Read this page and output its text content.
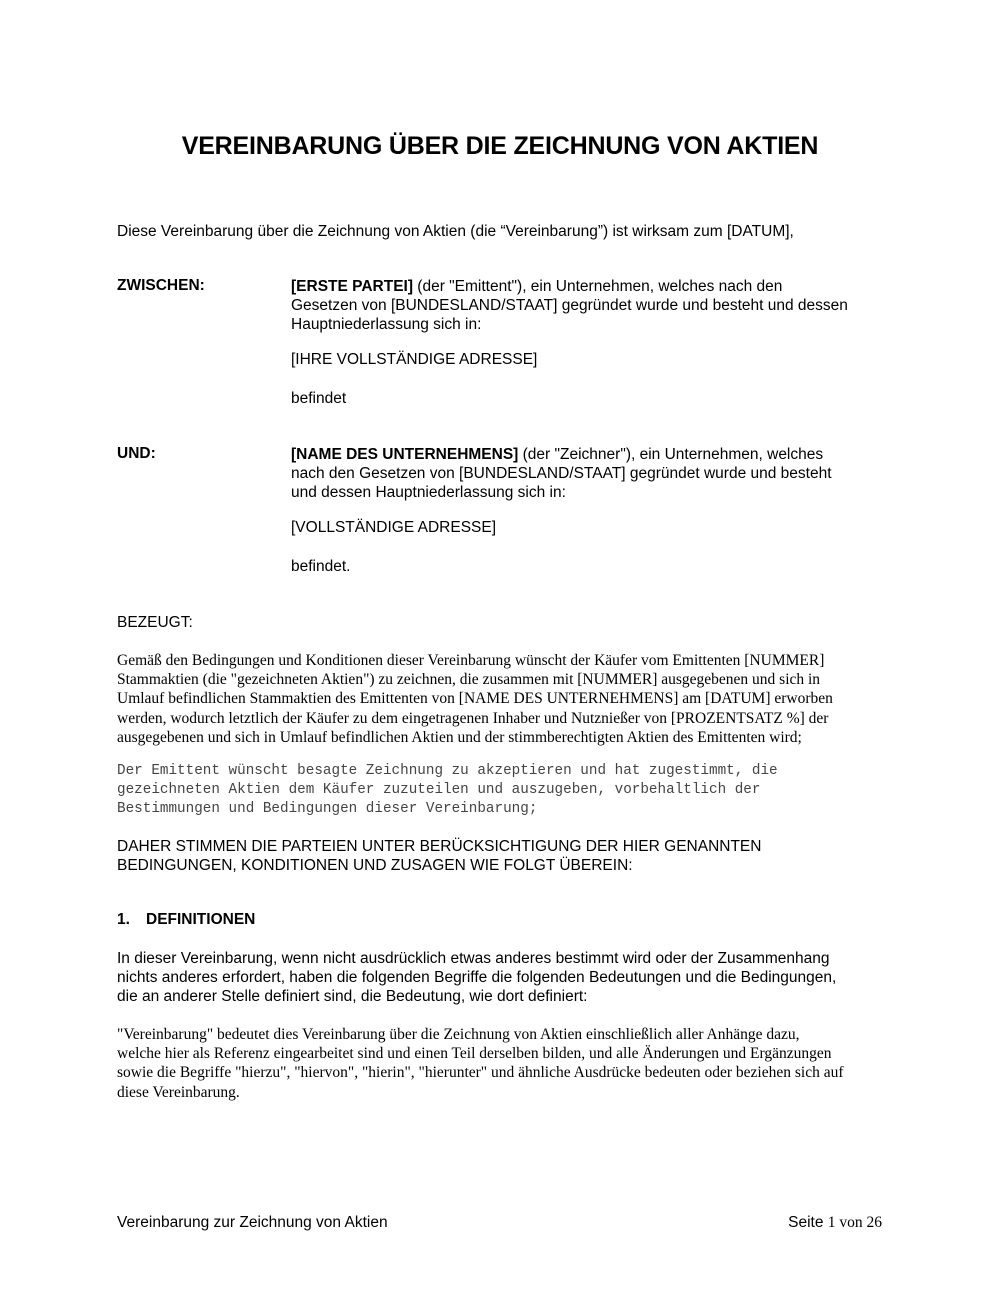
VEREINBARUNG ÜBER DIE ZEICHNUNG VON AKTIEN
Diese Vereinbarung über die Zeichnung von Aktien (die “Vereinbarung”) ist wirksam zum [DATUM],
ZWISCHEN:	[ERSTE PARTEI] (der "Emittent"), ein Unternehmen, welches nach den
Gesetzen von [BUNDESLAND/STAAT] gegründet wurde und besteht und dessen
Hauptniederlassung sich in:
[IHRE VOLLSTÄNDIGE ADRESSE]
befindet
UND:	[NAME DES UNTERNEHMENS] (der "Zeichner"), ein Unternehmen, welches
nach den Gesetzen von [BUNDESLAND/STAAT] gegründet wurde und besteht
und dessen Hauptniederlassung sich in:
[VOLLSTÄNDIGE ADRESSE]
befindet.
BEZEUGT:
Gemäß den Bedingungen und Konditionen dieser Vereinbarung wünscht der Käufer vom Emittenten [NUMMER]
Stammaktien (die "gezeichneten Aktien") zu zeichnen, die zusammen mit [NUMMER] ausgegebenen und sich in
Umlauf befindlichen Stammaktien des Emittenten von [NAME DES UNTERNEHMENS] am [DATUM] erworben
werden, wodurch letztlich der Käufer zu dem eingetragenen Inhaber und Nutznießer von [PROZENTSATZ %] der
ausgegebenen und sich in Umlauf befindlichen Aktien und der stimmberechtigten Aktien des Emittenten wird;
Der Emittent wünscht besagte Zeichnung zu akzeptieren und hat zugestimmt, die
gezeichneten Aktien dem Käufer zuzuteilen und auszugeben, vorbehaltlich der
Bestimmungen und Bedingungen dieser Vereinbarung;
DAHER STIMMEN DIE PARTEIEN UNTER BERÜCKSICHTIGUNG DER HIER GENANNTEN
BEDINGUNGEN, KONDITIONEN UND ZUSAGEN WIE FOLGT ÜBEREIN:
1. DEFINITIONEN
In dieser Vereinbarung, wenn nicht ausdrücklich etwas anderes bestimmt wird oder der Zusammenhang
nichts anderes erfordert, haben die folgenden Begriffe die folgenden Bedeutungen und die Bedingungen,
die an anderer Stelle definiert sind, die Bedeutung, wie dort definiert:
"Vereinbarung" bedeutet dies Vereinbarung über die Zeichnung von Aktien einschließlich aller Anhänge dazu,
welche hier als Referenz eingearbeitet sind und einen Teil derselben bilden, und alle Änderungen und Ergänzungen
sowie die Begriffe "hierzu", "hiervon", "hierin", "hierunter" und ähnliche Ausdrücke bedeuten oder beziehen sich auf
diese Vereinbarung.
Vereinbarung zur Zeichnung von Aktien	Seite 1 von 26
